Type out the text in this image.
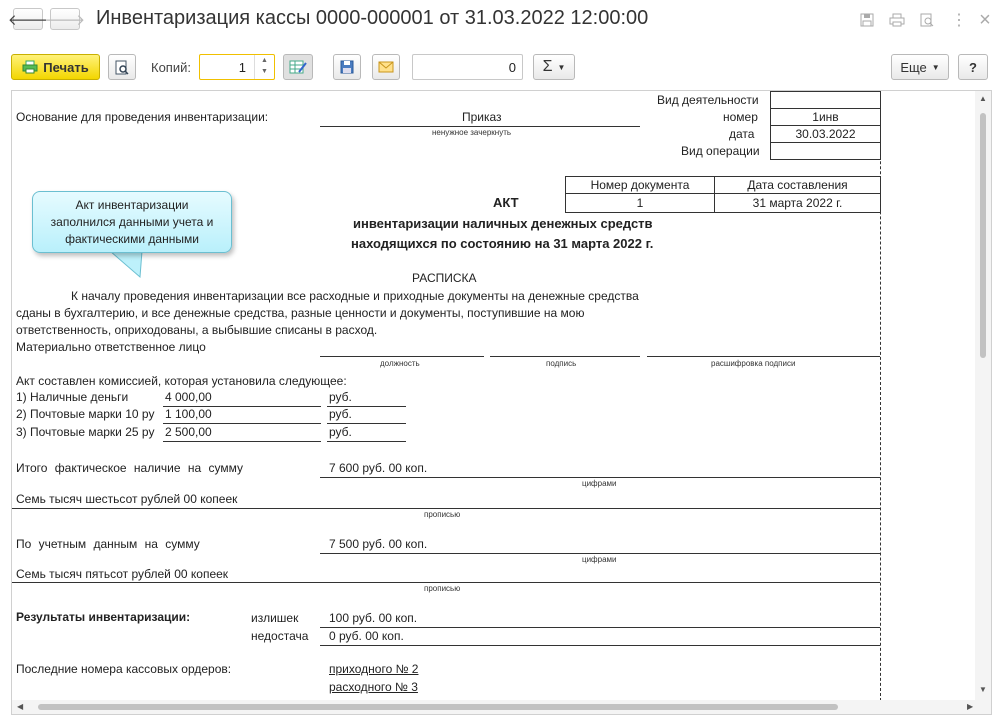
🡐
🡒 Инвентаризация кассы 0000-000001 от 31.03.2022 12:00:00	⋮ ×
Печать	Копий:	1	▲
▼	0 Σ ▼	Еще ▼ ?
Основание для проведения инвентаризации:	Приказ
ненужное зачеркнуть
Вид деятельности
номер	1инв
дата	30.03.2022
Вид операции
Номер документа	Дата составления
1	31 марта 2022 г.
АКТ
инвентаризации наличных денежных средств
находящихся по состоянию на 31 марта 2022 г.
РАСПИСКА
К началу проведения инвентаризации все расходные и приходные документы на денежные средства
сданы в бухгалтерию, и все денежные средства, разные ценности и документы, поступившие на мою
ответственность, оприходованы, а выбывшие списаны в расход.
Материально ответственное лицо
должность	подпись	расшифровка подписи
Акт составлен комиссией, которая установила следующее:
1) Наличные деньги	4 000,00	руб.
2) Почтовые марки 10 ру 1 100,00	руб.
3) Почтовые марки 25 ру 2 500,00	руб.
Итого фактическое наличие на сумму	7 600 руб. 00 коп.
цифрами
Семь тысяч шестьсот рублей 00 копеек
прописью
По учетным данным на сумму	7 500 руб. 00 коп.
цифрами
Семь тысяч пятьсот рублей 00 копеек
прописью
Результаты инвентаризации:	излишек	100 руб. 00 коп.
недостача 0 руб. 00 коп.
Последние номера кассовых ордеров:	приходного № 2
расходного № 3
▲
▼
◀	▶
Акт инвентаризации
заполнился данными учета и
фактическими данными
